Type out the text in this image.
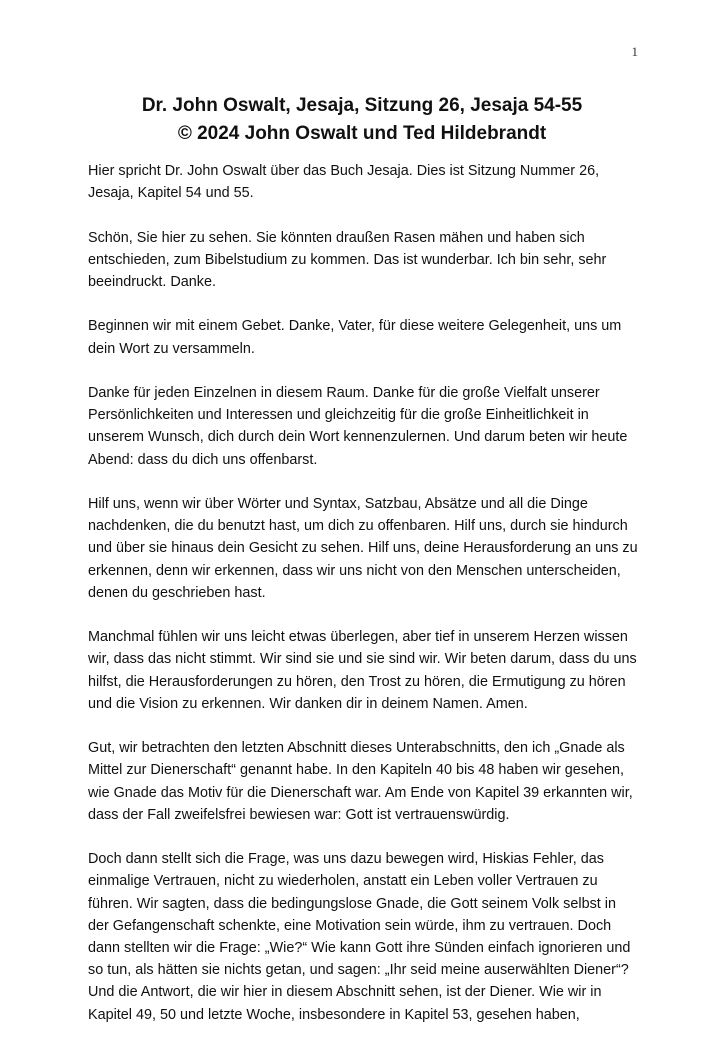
1
Dr. John Oswalt, Jesaja, Sitzung 26, Jesaja 54-55
© 2024 John Oswalt und Ted Hildebrandt

Hier spricht Dr. John Oswalt über das Buch Jesaja. Dies ist Sitzung Nummer 26, Jesaja, Kapitel 54 und 55.

Schön, Sie hier zu sehen. Sie könnten draußen Rasen mähen und haben sich entschieden, zum Bibelstudium zu kommen. Das ist wunderbar. Ich bin sehr, sehr beeindruckt. Danke.

Beginnen wir mit einem Gebet. Danke, Vater, für diese weitere Gelegenheit, uns um dein Wort zu versammeln.

Danke für jeden Einzelnen in diesem Raum. Danke für die große Vielfalt unserer Persönlichkeiten und Interessen und gleichzeitig für die große Einheitlichkeit in unserem Wunsch, dich durch dein Wort kennenzulernen. Und darum beten wir heute Abend: dass du dich uns offenbarst.

Hilf uns, wenn wir über Wörter und Syntax, Satzbau, Absätze und all die Dinge nachdenken, die du benutzt hast, um dich zu offenbaren. Hilf uns, durch sie hindurch und über sie hinaus dein Gesicht zu sehen. Hilf uns, deine Herausforderung an uns zu erkennen, denn wir erkennen, dass wir uns nicht von den Menschen unterscheiden, denen du geschrieben hast.

Manchmal fühlen wir uns leicht etwas überlegen, aber tief in unserem Herzen wissen wir, dass das nicht stimmt. Wir sind sie und sie sind wir. Wir beten darum, dass du uns hilfst, die Herausforderungen zu hören, den Trost zu hören, die Ermutigung zu hören und die Vision zu erkennen. Wir danken dir in deinem Namen. Amen.

Gut, wir betrachten den letzten Abschnitt dieses Unterabschnitts, den ich „Gnade als Mittel zur Dienerschaft“ genannt habe. In den Kapiteln 40 bis 48 haben wir gesehen, wie Gnade das Motiv für die Dienerschaft war. Am Ende von Kapitel 39 erkannten wir, dass der Fall zweifelsfrei bewiesen war: Gott ist vertrauenswürdig.

Doch dann stellt sich die Frage, was uns dazu bewegen wird, Hiskias Fehler, das einmalige Vertrauen, nicht zu wiederholen, anstatt ein Leben voller Vertrauen zu führen. Wir sagten, dass die bedingungslose Gnade, die Gott seinem Volk selbst in der Gefangenschaft schenkte, eine Motivation sein würde, ihm zu vertrauen. Doch dann stellten wir die Frage: „Wie?“ Wie kann Gott ihre Sünden einfach ignorieren und so tun, als hätten sie nichts getan, und sagen: „Ihr seid meine auserwählten Diener“? Und die Antwort, die wir hier in diesem Abschnitt sehen, ist der Diener. Wie wir in Kapitel 49, 50 und letzte Woche, insbesondere in Kapitel 53, gesehen haben,
